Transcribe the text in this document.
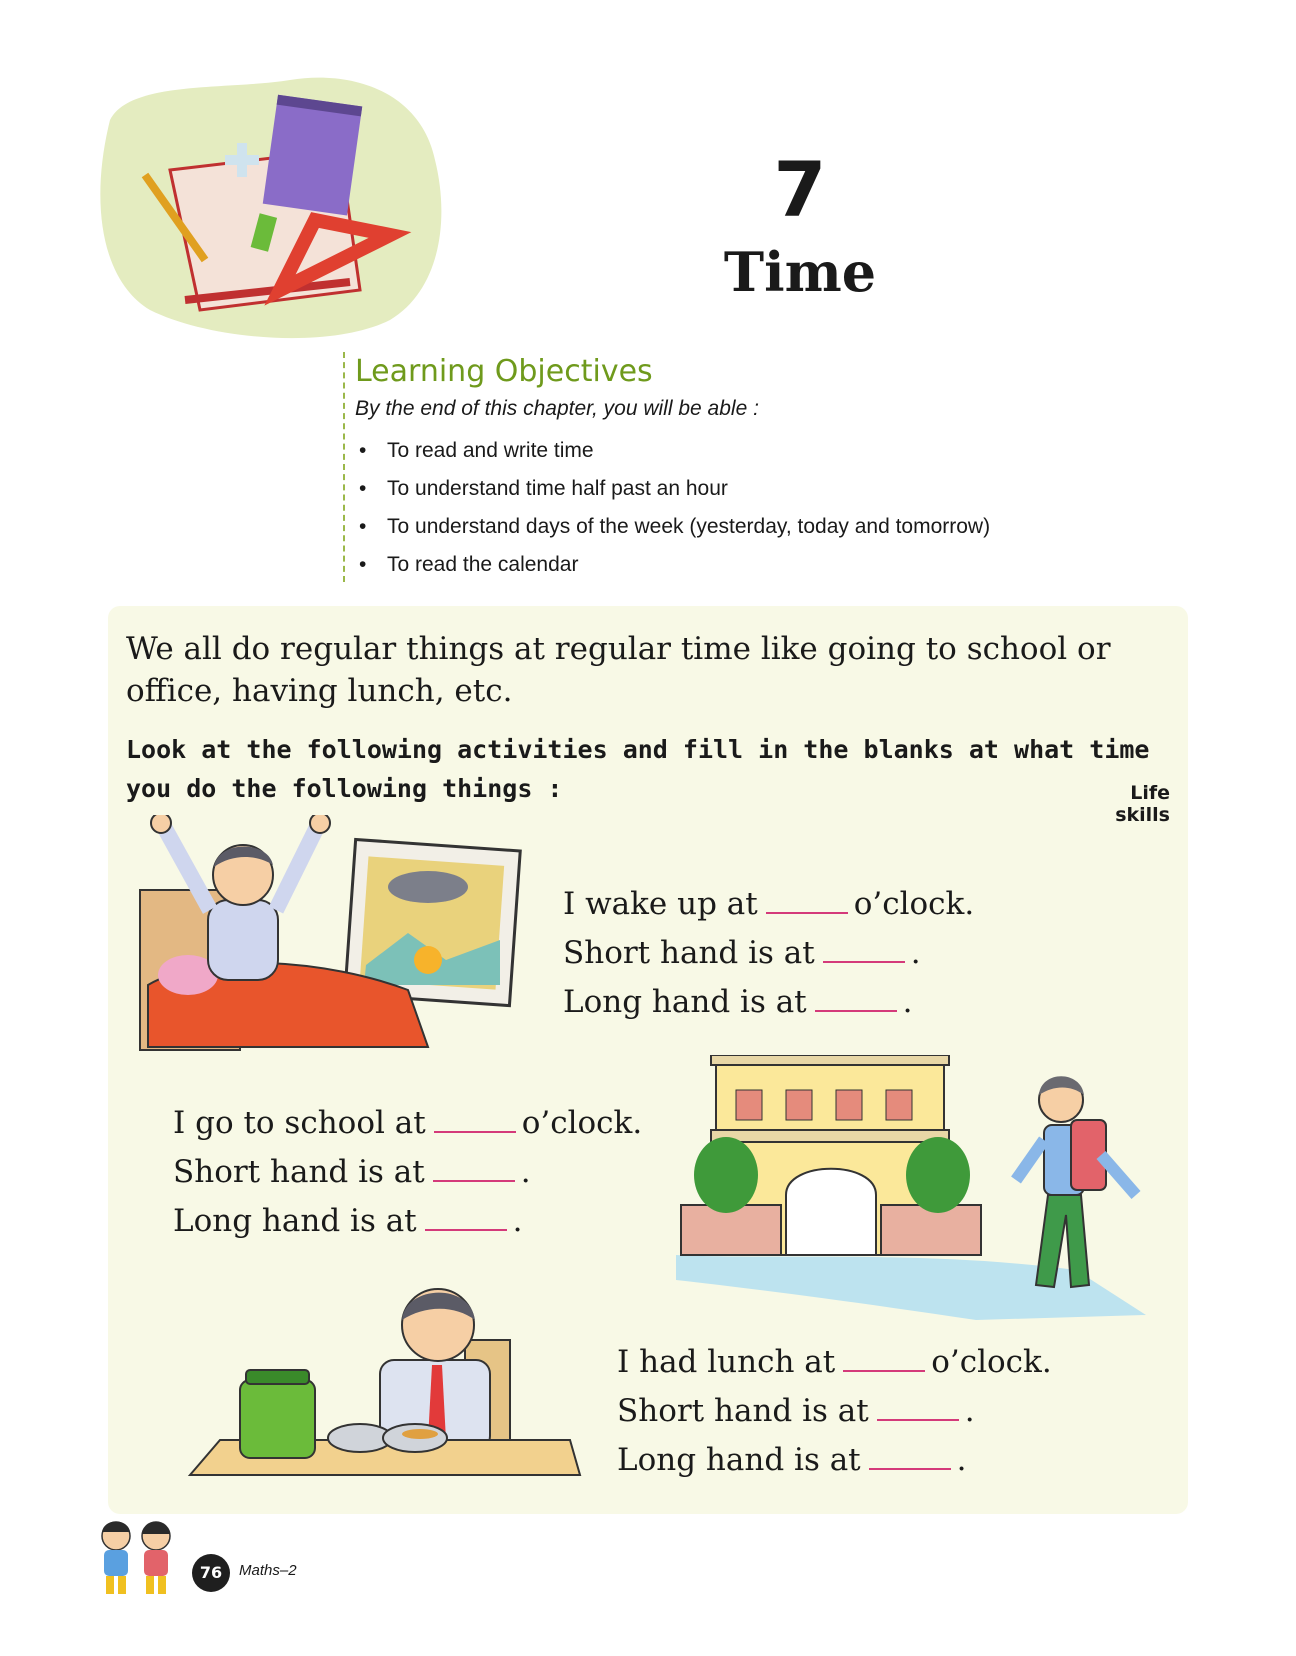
7
Time
Learning Objectives
By the end of this chapter, you will be able :
• To read and write time
• To understand time half past an hour
• To understand days of the week (yesterday, today and tomorrow)
• To read the calendar
We all do regular things at regular time like going to school or office, having lunch, etc.
Look at the following activities and fill in the blanks at what time you do the following things :	Life skills
I wake up at	o’clock.
Short hand is at	.
Long hand is at	.
I go to school at	o’clock.
Short hand is at	.
Long hand is at	.
I had lunch at	o’clock.
Short hand is at	.
Long hand is at	.
76	Maths–2
